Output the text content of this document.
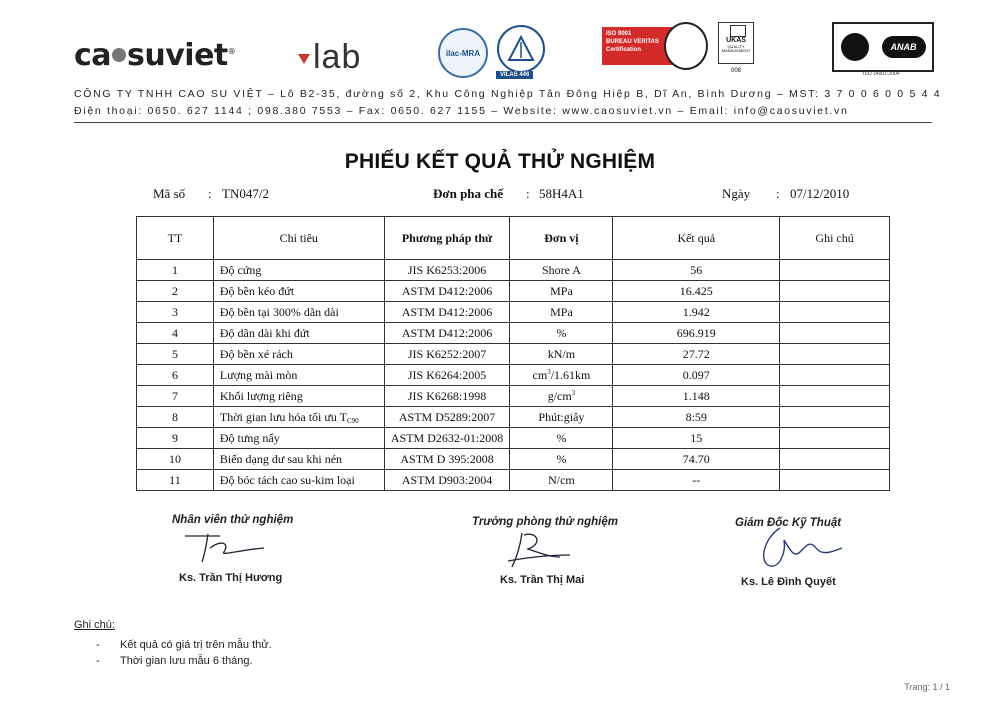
ca suviet®	lab	ilac-MRA
VILAS 446
ISO 9001
BUREAU VERITAS
Certification
UKAS
QUALITY MANAGEMENT
008
ANAB
ISO 14001:2004
CÔNG TY TNHH CAO SU VIỆT – Lô B2-35, đường số 2, Khu Công Nghiệp Tân Đông Hiệp B, Dĩ An, Bình Dương – MST: 3 7 0 0 6 0 0 5 4 4
Điện thoại: 0650. 627 1144 ; 098.380 7553 – Fax: 0650. 627 1155 – Website: www.caosuviet.vn – Email: info@caosuviet.vn
PHIẾU KẾT QUẢ THỬ NGHIỆM
Mã số : TN047/2	Đơn pha chế : 58H4A1	Ngày : 07/12/2010
TT	Chỉ tiêu	Phương pháp thử	Đơn vị	Kết quả	Ghi chú
1	Độ cứng	JIS K6253:2006	Shore A	56	
2	Độ bền kéo đứt	ASTM D412:2006	MPa	16.425	
3	Độ bền tại 300% dãn dài	ASTM D412:2006	MPa	1.942	
4	Độ dãn dài khi đứt	ASTM D412:2006	%	696.919	
5	Độ bền xé rách	JIS K6252:2007	kN/m	27.72	
6	Lượng mài mòn	JIS K6264:2005	$cm^3/1.61km$	0.097	
7	Khối lượng riêng	JIS K6268:1998	$g/cm^3$	1.148	
8	Thời gian lưu hóa tối ưu $T_{C90}$	ASTM D5289:2007	Phút:giây	8:59	
9	Độ tưng nẩy	ASTM D2632-01:2008	%	15	
10	Biến dạng dư sau khi nén	ASTM D 395:2008	%	74.70	
11	Độ bóc tách cao su-kim loại	ASTM D903:2004	N/cm	--	
Nhân viên thử nghiệm
Ks. Trần Thị Hương
Trưởng phòng thử nghiệm
Ks. Trần Thị Mai
Giám Đốc Kỹ Thuật
Ks. Lê Đình Quyết
Ghi chú:
- Kết quả có giá trị trên mẫu thử.
- Thời gian lưu mẫu 6 tháng.
Trang: 1 / 1
